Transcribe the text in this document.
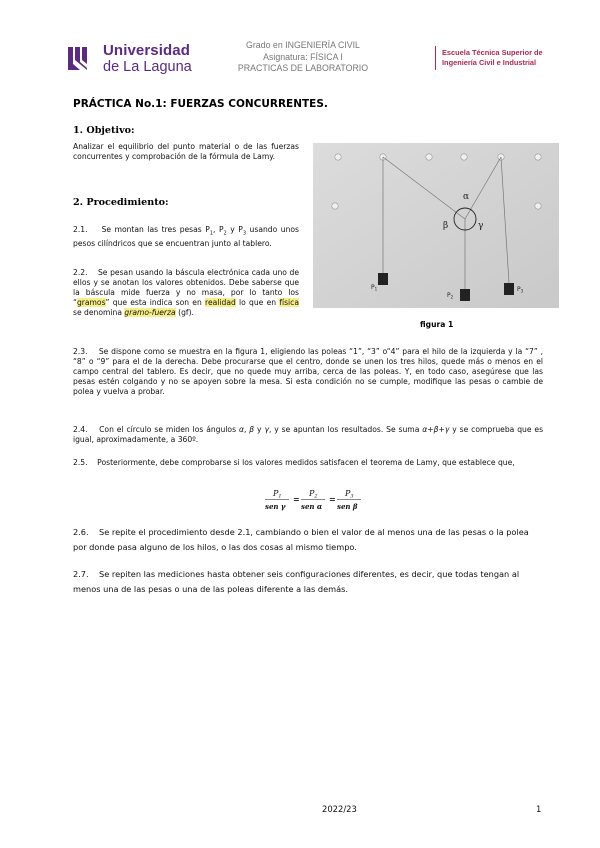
Universidad
de La Laguna
Grado en INGENIERÍA CIVIL
Asignatura: FÍSICA I
PRACTICAS DE LABORATORIO
Escuela Técnica Superior de
Ingeniería Civil e Industrial
PRÁCTICA No.1: FUERZAS CONCURRENTES.
1. Objetivo:
Analizar el equilibrio del punto material o de las fuerzas concurrentes y comprobación de la fórmula de Lamy.
2. Procedimiento:
2.1. Se montan las tres pesas $P_1$, $P_2$ y $P_3$ usando unos pesos cilíndricos que se encuentran junto al tablero.
2.2. Se pesan usando la báscula electrónica cada uno de ellos y se anotan los valores obtenidos. Debe saberse que la báscula mide fuerza y no masa, por lo tanto los “gramos” que esta indica son en realidad lo que en física se denomina gramo-fuerza (gf).
α
β	γ
$P_1$
$P_2$
$P_3$
figura 1
2.3. Se dispone como se muestra en la figura 1, eligiendo las poleas “1”, “3” o“4” para el hilo de la izquierda y la “7” , “8” o “9” para el de la derecha. Debe procurarse que el centro, donde se unen los tres hilos, quede más o menos en el campo central del tablero. Es decir, que no quede muy arriba, cerca de las poleas. Y, en todo caso, asegúrese que las pesas estén colgando y no se apoyen sobre la mesa. Si esta condición no se cumple, modifique las pesas o cambie de polea y vuelva a probar.
2.4. Con el círculo se miden los ángulos α, β y γ, y se apuntan los resultados. Se suma α+β+γ y se comprueba que es igual, aproximadamente, a 360º.
2.5. Posteriormente, debe comprobarse si los valores medidos satisfacen el teorema de Lamy, que establece que,
P1
sen γ
=
P2
sen α
=
P3
sen β
2.6. Se repite el procedimiento desde 2.1, cambiando o bien el valor de al menos una de las pesas o la polea por donde pasa alguno de los hilos, o las dos cosas al mismo tiempo.
2.7. Se repiten las mediciones hasta obtener seis configuraciones diferentes, es decir, que todas tengan al menos una de las pesas o una de las poleas diferente a las demás.
2022/23	1
